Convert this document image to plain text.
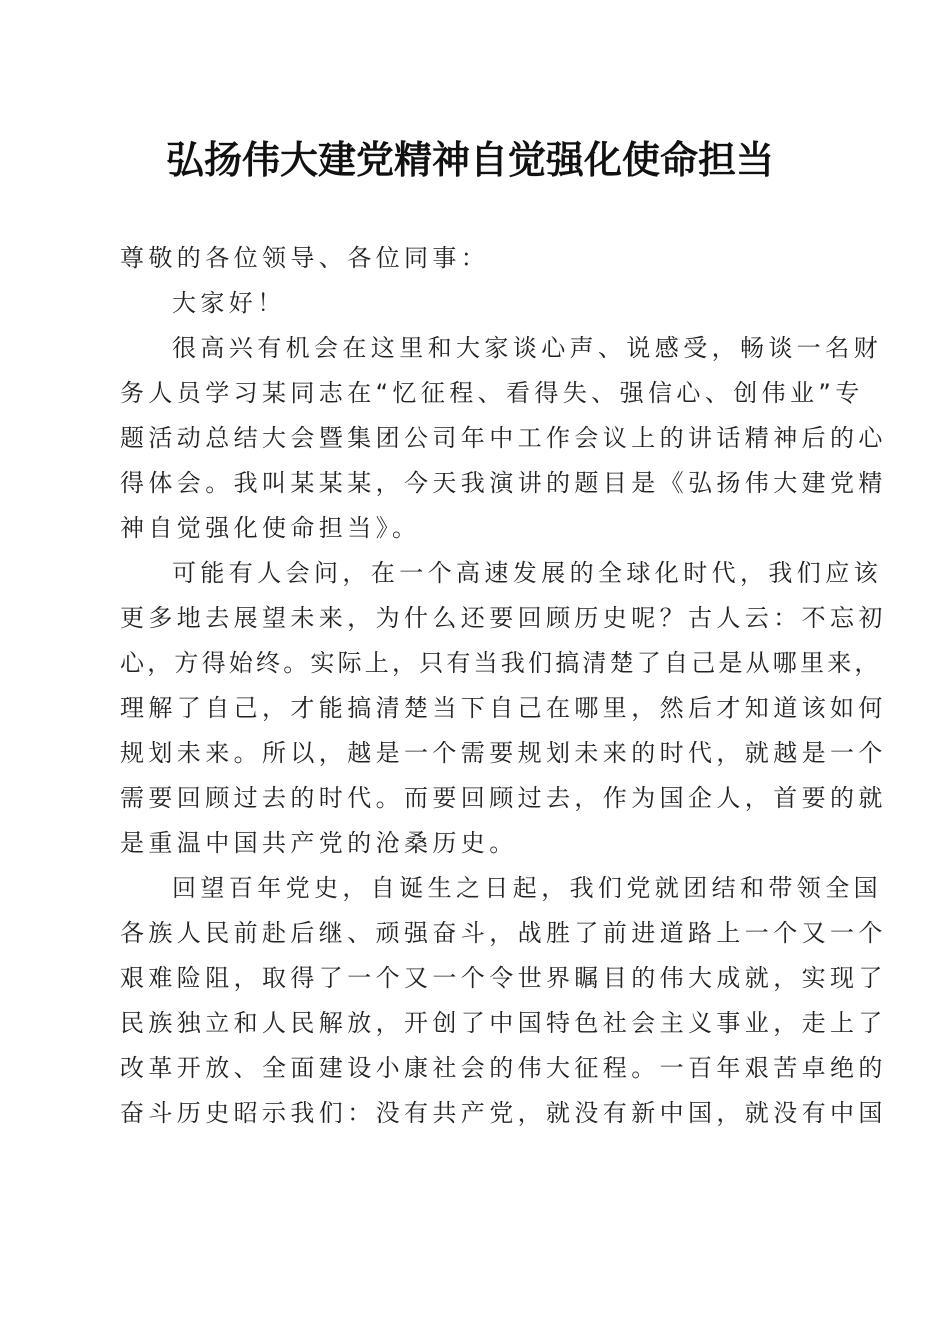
弘扬伟大建党精神自觉强化使命担当
尊敬的各位领导、各位同事：
大家好！
很高兴有机会在这里和大家谈心声、说感受，畅谈一名财
务人员学习某同志在“忆征程、看得失、强信心、创伟业”专
题活动总结大会暨集团公司年中工作会议上的讲话精神后的心
得体会。我叫某某某，今天我演讲的题目是《弘扬伟大建党精
神自觉强化使命担当》。
可能有人会问，在一个高速发展的全球化时代，我们应该
更多地去展望未来，为什么还要回顾历史呢？古人云：不忘初
心，方得始终。实际上，只有当我们搞清楚了自己是从哪里来，
理解了自己，才能搞清楚当下自己在哪里，然后才知道该如何
规划未来。所以，越是一个需要规划未来的时代，就越是一个
需要回顾过去的时代。而要回顾过去，作为国企人，首要的就
是重温中国共产党的沧桑历史。
回望百年党史，自诞生之日起，我们党就团结和带领全国
各族人民前赴后继、顽强奋斗，战胜了前进道路上一个又一个
艰难险阻，取得了一个又一个令世界瞩目的伟大成就，实现了
民族独立和人民解放，开创了中国特色社会主义事业，走上了
改革开放、全面建设小康社会的伟大征程。一百年艰苦卓绝的
奋斗历史昭示我们：没有共产党，就没有新中国，就没有中国
